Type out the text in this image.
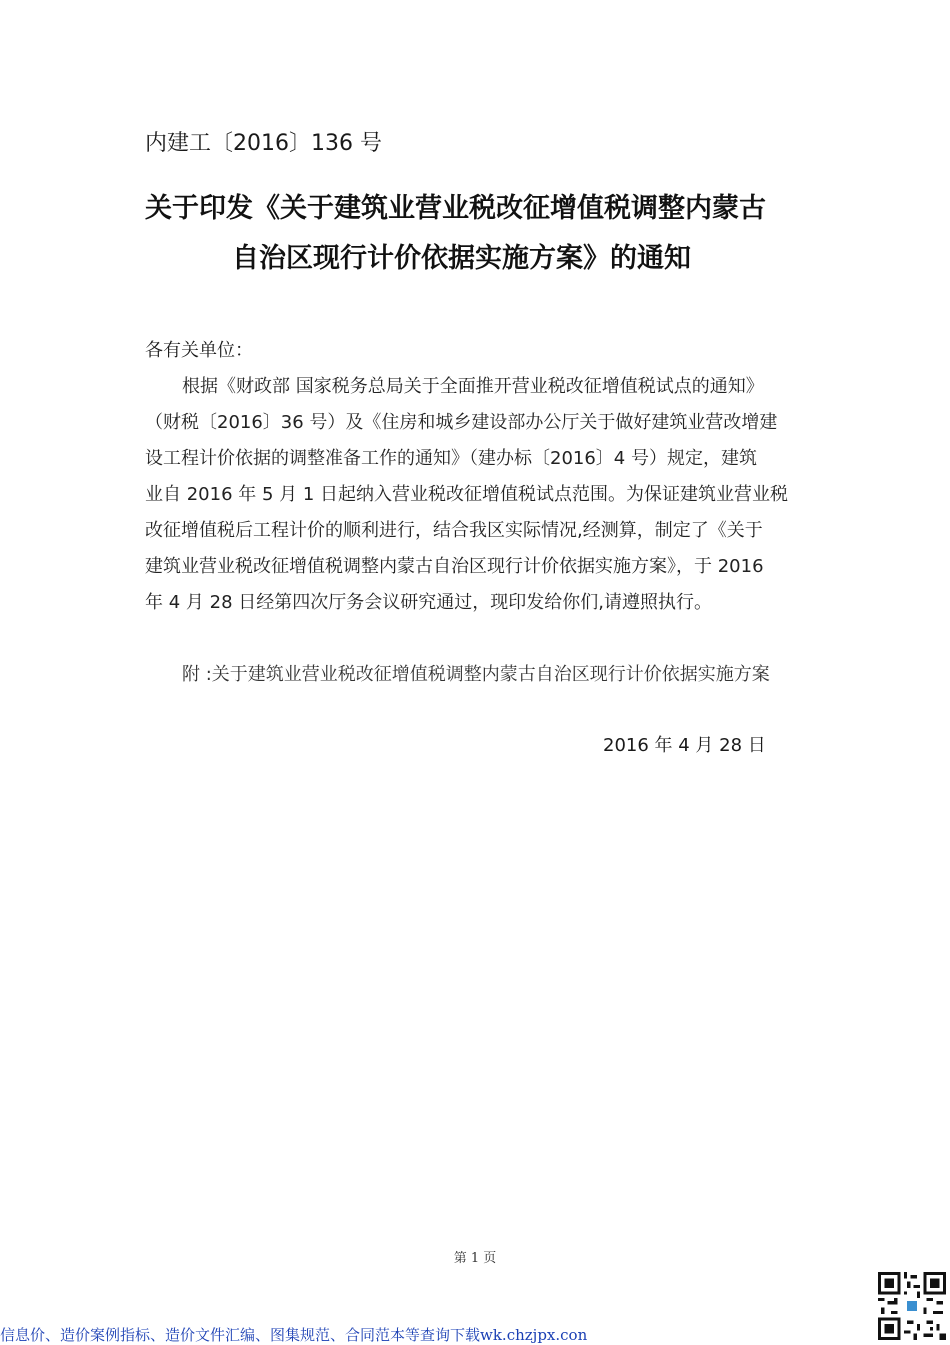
内建工〔2016〕136 号
关于印发《关于建筑业营业税改征增值税调整内蒙古
自治区现行计价依据实施方案》的通知
各有关单位：
根据《财政部 国家税务总局关于全面推开营业税改征增值税试点的通知》
（财税〔2016〕36 号）及《住房和城乡建设部办公厅关于做好建筑业营改增建
设工程计价依据的调整准备工作的通知》（建办标〔2016〕4 号）规定，建筑
业自 2016 年 5 月 1 日起纳入营业税改征增值税试点范围。为保证建筑业营业税
改征增值税后工程计价的顺利进行，结合我区实际情况,经测算，制定了《关于
建筑业营业税改征增值税调整内蒙古自治区现行计价依据实施方案》，于 2016
年 4 月 28 日经第四次厅务会议研究通过，现印发给你们,请遵照执行。
附 :关于建筑业营业税改征增值税调整内蒙古自治区现行计价依据实施方案
2016 年 4 月 28 日
第 1 页
信息价、造价案例指标、造价文件汇编、图集规范、合同范本等查询下载wk.chzjpx.con
